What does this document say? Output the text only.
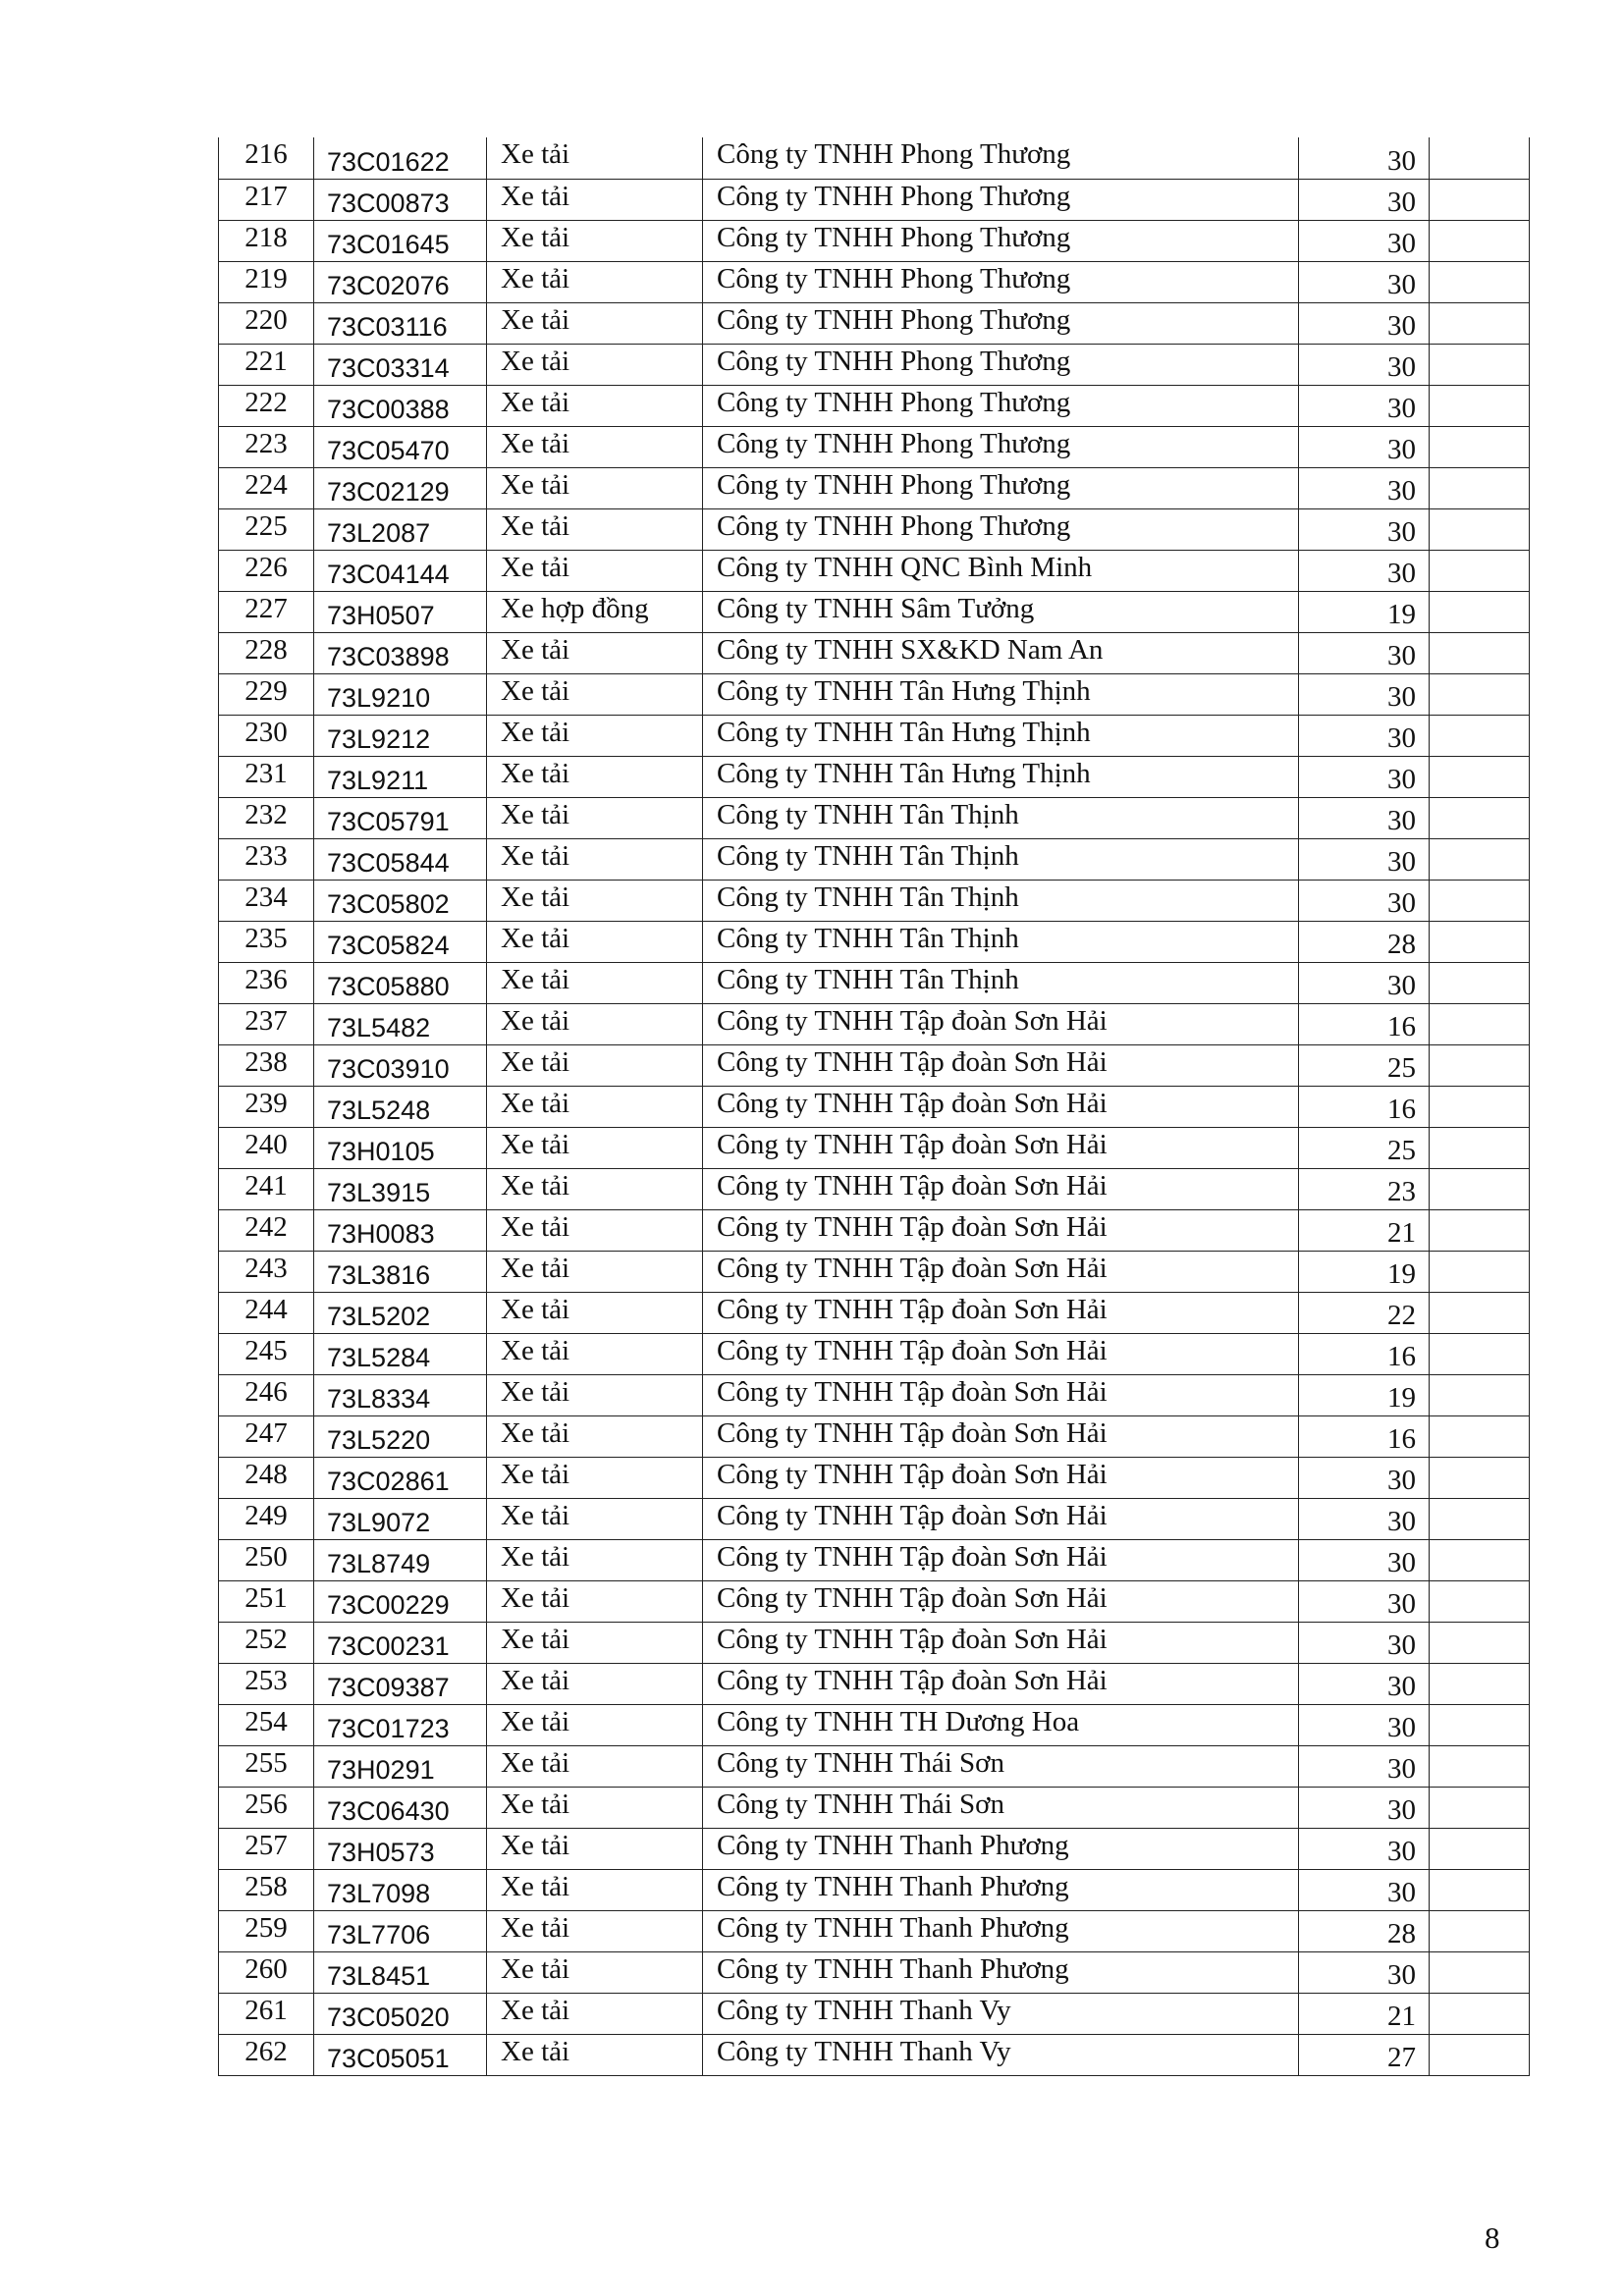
216	73C01622	Xe tải	Công ty TNHH Phong Thương	30	
217	73C00873	Xe tải	Công ty TNHH Phong Thương	30	
218	73C01645	Xe tải	Công ty TNHH Phong Thương	30	
219	73C02076	Xe tải	Công ty TNHH Phong Thương	30	
220	73C03116	Xe tải	Công ty TNHH Phong Thương	30	
221	73C03314	Xe tải	Công ty TNHH Phong Thương	30	
222	73C00388	Xe tải	Công ty TNHH Phong Thương	30	
223	73C05470	Xe tải	Công ty TNHH Phong Thương	30	
224	73C02129	Xe tải	Công ty TNHH Phong Thương	30	
225	73L2087	Xe tải	Công ty TNHH Phong Thương	30	
226	73C04144	Xe tải	Công ty TNHH QNC Bình Minh	30	
227	73H0507	Xe hợp đồng	Công ty TNHH Sâm Tưởng	19	
228	73C03898	Xe tải	Công ty TNHH SX&KD Nam An	30	
229	73L9210	Xe tải	Công ty TNHH Tân Hưng Thịnh	30	
230	73L9212	Xe tải	Công ty TNHH Tân Hưng Thịnh	30	
231	73L9211	Xe tải	Công ty TNHH Tân Hưng Thịnh	30	
232	73C05791	Xe tải	Công ty TNHH Tân Thịnh	30	
233	73C05844	Xe tải	Công ty TNHH Tân Thịnh	30	
234	73C05802	Xe tải	Công ty TNHH Tân Thịnh	30	
235	73C05824	Xe tải	Công ty TNHH Tân Thịnh	28	
236	73C05880	Xe tải	Công ty TNHH Tân Thịnh	30	
237	73L5482	Xe tải	Công ty TNHH Tập đoàn Sơn Hải	16	
238	73C03910	Xe tải	Công ty TNHH Tập đoàn Sơn Hải	25	
239	73L5248	Xe tải	Công ty TNHH Tập đoàn Sơn Hải	16	
240	73H0105	Xe tải	Công ty TNHH Tập đoàn Sơn Hải	25	
241	73L3915	Xe tải	Công ty TNHH Tập đoàn Sơn Hải	23	
242	73H0083	Xe tải	Công ty TNHH Tập đoàn Sơn Hải	21	
243	73L3816	Xe tải	Công ty TNHH Tập đoàn Sơn Hải	19	
244	73L5202	Xe tải	Công ty TNHH Tập đoàn Sơn Hải	22	
245	73L5284	Xe tải	Công ty TNHH Tập đoàn Sơn Hải	16	
246	73L8334	Xe tải	Công ty TNHH Tập đoàn Sơn Hải	19	
247	73L5220	Xe tải	Công ty TNHH Tập đoàn Sơn Hải	16	
248	73C02861	Xe tải	Công ty TNHH Tập đoàn Sơn Hải	30	
249	73L9072	Xe tải	Công ty TNHH Tập đoàn Sơn Hải	30	
250	73L8749	Xe tải	Công ty TNHH Tập đoàn Sơn Hải	30	
251	73C00229	Xe tải	Công ty TNHH Tập đoàn Sơn Hải	30	
252	73C00231	Xe tải	Công ty TNHH Tập đoàn Sơn Hải	30	
253	73C09387	Xe tải	Công ty TNHH Tập đoàn Sơn Hải	30	
254	73C01723	Xe tải	Công ty TNHH TH Dương Hoa	30	
255	73H0291	Xe tải	Công ty TNHH Thái Sơn	30	
256	73C06430	Xe tải	Công ty TNHH Thái Sơn	30	
257	73H0573	Xe tải	Công ty TNHH Thanh Phương	30	
258	73L7098	Xe tải	Công ty TNHH Thanh Phương	30	
259	73L7706	Xe tải	Công ty TNHH Thanh Phương	28	
260	73L8451	Xe tải	Công ty TNHH Thanh Phương	30	
261	73C05020	Xe tải	Công ty TNHH Thanh Vy	21	
262	73C05051	Xe tải	Công ty TNHH Thanh Vy	27	
8
